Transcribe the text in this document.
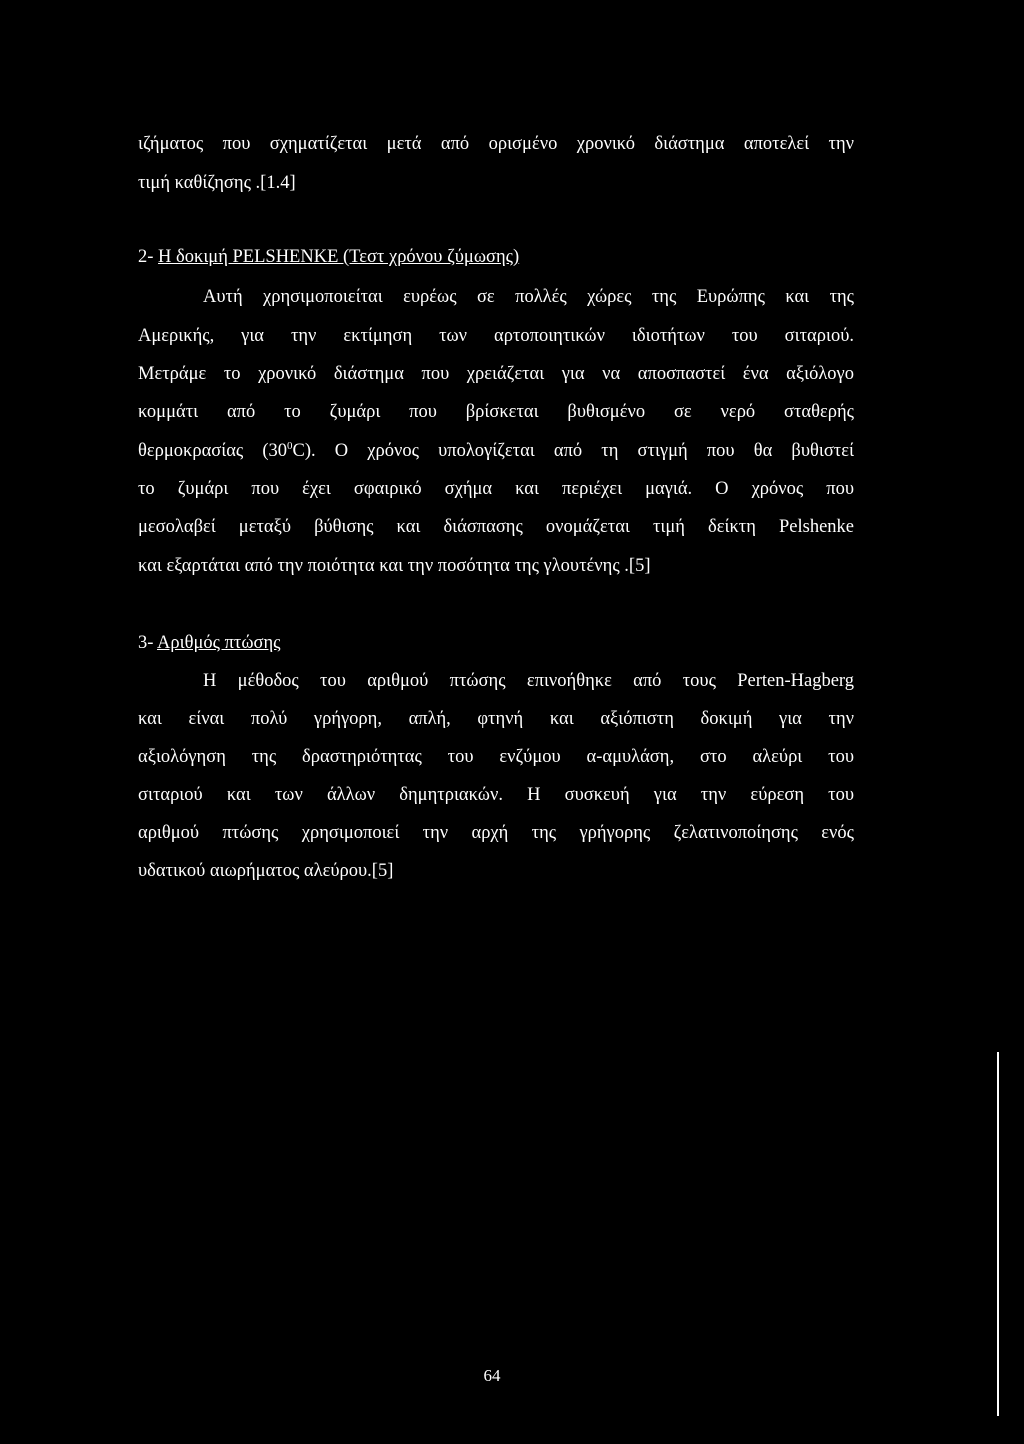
ιζήματος που σχηματίζεται μετά από ορισμένο χρονικό διάστημα αποτελεί την

τιμή καθίζησης .[1.4]

2- Η δοκιμή PELSHENKE (Τεστ χρόνου ζύμωσης)

Αυτή χρησιμοποιείται ευρέως σε πολλές χώρες της Ευρώπης και της

Αμερικής, για την εκτίμηση των αρτοποιητικών ιδιοτήτων του σιταριού.

Μετράμε το χρονικό διάστημα που χρειάζεται για να αποσπαστεί ένα αξιόλογο

κομμάτι από το ζυμάρι που βρίσκεται βυθισμένο σε νερό σταθερής

θερμοκρασίας $(30^0C)$. Ο χρόνος υπολογίζεται από τη στιγμή που θα βυθιστεί

το ζυμάρι που έχει σφαιρικό σχήμα και περιέχει μαγιά. Ο χρόνος που

μεσολαβεί μεταξύ βύθισης και διάσπασης ονομάζεται τιμή δείκτη Pelshenke

και εξαρτάται από την ποιότητα και την ποσότητα της γλουτένης .[5]

3- Αριθμός πτώσης

Η μέθοδος του αριθμού πτώσης επινοήθηκε από τους Perten-Hagberg

και είναι πολύ γρήγορη, απλή, φτηνή και αξιόπιστη δοκιμή για την

αξιολόγηση της δραστηριότητας του ενζύμου α-αμυλάση, στο αλεύρι του

σιταριού και των άλλων δημητριακών. Η συσκευή για την εύρεση του

αριθμού πτώσης χρησιμοποιεί την αρχή της γρήγορης ζελατινοποίησης ενός

υδατικού αιωρήματος αλεύρου.[5]

64
